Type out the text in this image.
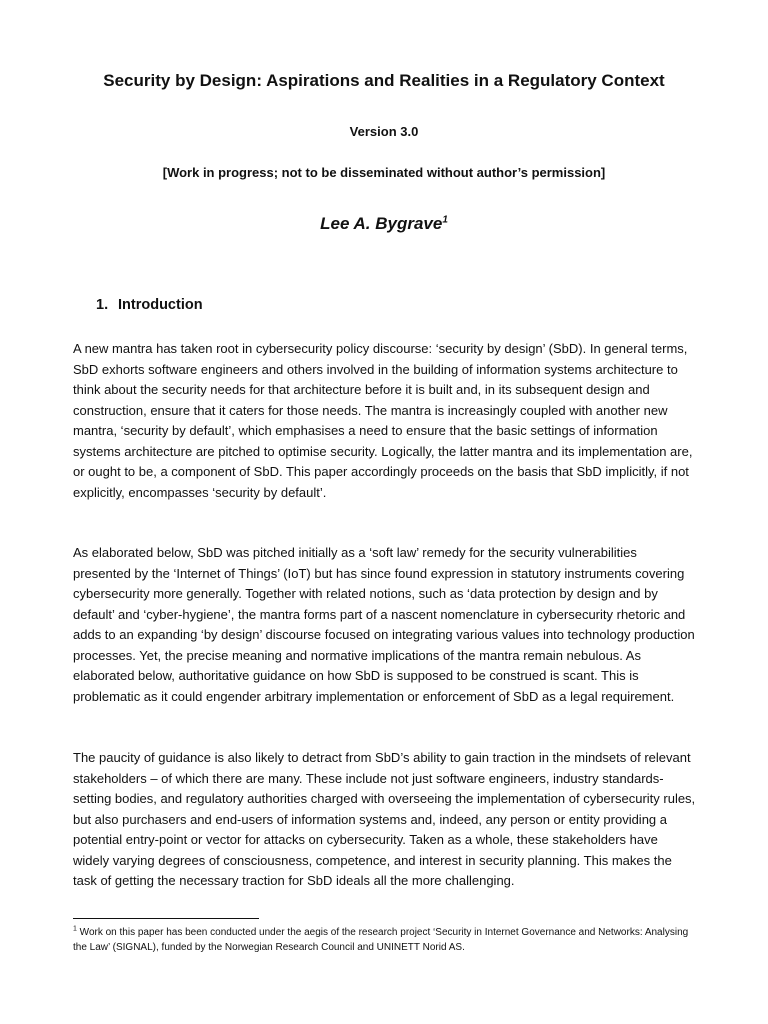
Security by Design: Aspirations and Realities in a Regulatory Context
Version 3.0
[Work in progress; not to be disseminated without author’s permission]
Lee A. Bygrave$^1$
1. Introduction

A new mantra has taken root in cybersecurity policy discourse: ‘security by design’ (SbD). In general terms, SbD exhorts software engineers and others involved in the building of information systems architecture to think about the security needs for that architecture before it is built and, in its subsequent design and construction, ensure that it caters for those needs. The mantra is increasingly coupled with another new mantra, ‘security by default’, which emphasises a need to ensure that the basic settings of information systems architecture are pitched to optimise security. Logically, the latter mantra and its implementation are, or ought to be, a component of SbD. This paper accordingly proceeds on the basis that SbD implicitly, if not explicitly, encompasses ‘security by default’.

As elaborated below, SbD was pitched initially as a ‘soft law’ remedy for the security vulnerabilities presented by the ‘Internet of Things’ (IoT) but has since found expression in statutory instruments covering cybersecurity more generally. Together with related notions, such as ‘data protection by design and by default’ and ‘cyber-hygiene’, the mantra forms part of a nascent nomenclature in cybersecurity rhetoric and adds to an expanding ‘by design’ discourse focused on integrating various values into technology production processes. Yet, the precise meaning and normative implications of the mantra remain nebulous. As elaborated below, authoritative guidance on how SbD is supposed to be construed is scant. This is problematic as it could engender arbitrary implementation or enforcement of SbD as a legal requirement.

The paucity of guidance is also likely to detract from SbD’s ability to gain traction in the mindsets of relevant stakeholders – of which there are many. These include not just software engineers, industry standards-setting bodies, and regulatory authorities charged with overseeing the implementation of cybersecurity rules, but also purchasers and end-users of information systems and, indeed, any person or entity providing a potential entry-point or vector for attacks on cybersecurity. Taken as a whole, these stakeholders have widely varying degrees of consciousness, competence, and interest in security planning. This makes the task of getting the necessary traction for SbD ideals all the more challenging.

$^1$ Work on this paper has been conducted under the aegis of the research project ‘Security in Internet Governance and Networks: Analysing the Law’ (SIGNAL), funded by the Norwegian Research Council and UNINETT Norid AS.
